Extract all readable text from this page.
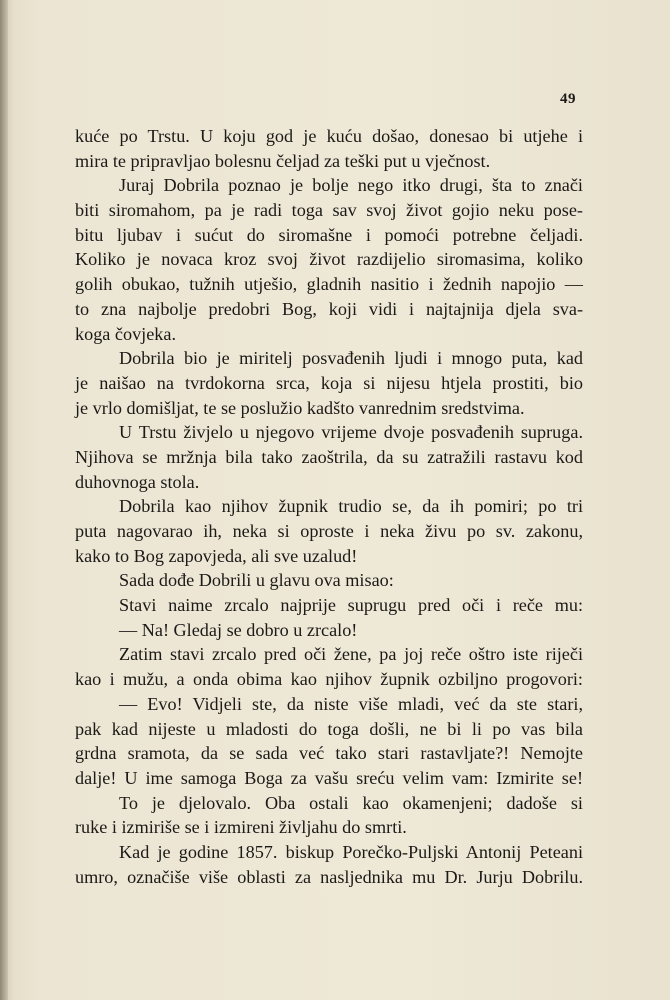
49
kuće po Trstu. U koju god je kuću došao, donesao bi utjehe i
mira te pripravljao bolesnu čeljad za teški put u vječnost.
Juraj Dobrila poznao je bolje nego itko drugi, šta to znači
biti siromahom, pa je radi toga sav svoj život gojio neku pose-
bitu ljubav i sućut do siromašne i pomoći potrebne čeljadi.
Koliko je novaca kroz svoj život razdijelio siromasima, koliko
golih obukao, tužnih utješio, gladnih nasitio i žednih napojio —
to zna najbolje predobri Bog, koji vidi i najtajnija djela sva-
koga čovjeka.
Dobrila bio je miritelj posvađenih ljudi i mnogo puta, kad
je naišao na tvrdokorna srca, koja si nijesu htjela prostiti, bio
je vrlo domišljat, te se poslužio kadšto vanrednim sredstvima.
U Trstu živjelo u njegovo vrijeme dvoje posvađenih supruga.
Njihova se mržnja bila tako zaoštrila, da su zatražili rastavu kod
duhovnoga stola.
Dobrila kao njihov župnik trudio se, da ih pomiri; po tri
puta nagovarao ih, neka si oproste i neka živu po sv. zakonu,
kako to Bog zapovjeda, ali sve uzalud!
Sada dođe Dobrili u glavu ova misao:
Stavi naime zrcalo najprije suprugu pred oči i reče mu:
— Na! Gledaj se dobro u zrcalo!
Zatim stavi zrcalo pred oči žene, pa joj reče oštro iste riječi
kao i mužu, a onda obima kao njihov župnik ozbiljno progovori:
— Evo! Vidjeli ste, da niste više mladi, već da ste stari,
pak kad nijeste u mladosti do toga došli, ne bi li po vas bila
grdna sramota, da se sada već tako stari rastavljate?! Nemojte
dalje! U ime samoga Boga za vašu sreću velim vam: Izmirite se!
To je djelovalo. Oba ostali kao okamenjeni; dadoše si
ruke i izmiriše se i izmireni življahu do smrti.
Kad je godine 1857. biskup Porečko-Puljski Antonij Peteani
umro, označiše više oblasti za nasljednika mu Dr. Jurju Dobrilu.
